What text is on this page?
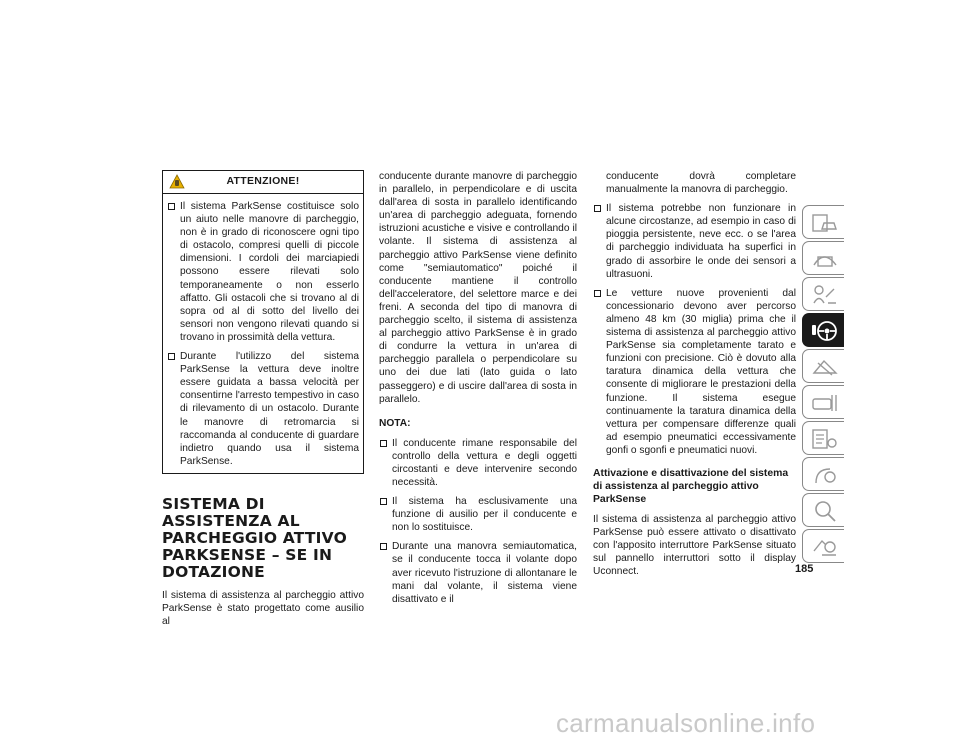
ATTENZIONE!

Il sistema ParkSense costituisce solo un aiuto nelle manovre di parcheggio, non è in grado di riconoscere ogni tipo di ostacolo, compresi quelli di piccole dimensioni. I cordoli dei marciapiedi possono essere rilevati solo temporaneamente o non esserlo affatto. Gli ostacoli che si trovano al di sopra od al di sotto del livello dei sensori non vengono rilevati quando si trovano in prossimità della vettura.

Durante l'utilizzo del sistema ParkSense la vettura deve inoltre essere guidata a bassa velocità per consentirne l'arresto tempestivo in caso di rilevamento di un ostacolo. Durante le manovre di retromarcia si raccomanda al conducente di guardare indietro quando usa il sistema ParkSense.

SISTEMA DI ASSISTENZA AL PARCHEGGIO ATTIVO PARKSENSE – SE IN DOTAZIONE

Il sistema di assistenza al parcheggio attivo ParkSense è stato progettato come ausilio al

conducente durante manovre di parcheggio in parallelo, in perpendicolare e di uscita dall'area di sosta in parallelo identificando un'area di parcheggio adeguata, fornendo istruzioni acustiche e visive e controllando il volante. Il sistema di assistenza al parcheggio attivo ParkSense viene definito come "semiautomatico" poiché il conducente mantiene il controllo dell'acceleratore, del selettore marce e dei freni. A seconda del tipo di manovra di parcheggio scelto, il sistema di assistenza al parcheggio attivo ParkSense è in grado di condurre la vettura in un'area di parcheggio parallela o perpendicolare su uno dei due lati (lato guida o lato passeggero) e di uscire dall'area di sosta in parallelo.

NOTA:

Il conducente rimane responsabile del controllo della vettura e degli oggetti circostanti e deve intervenire secondo necessità.

Il sistema ha esclusivamente una funzione di ausilio per il conducente e non lo sostituisce.

Durante una manovra semiautomatica, se il conducente tocca il volante dopo aver ricevuto l'istruzione di allontanare le mani dal volante, il sistema viene disattivato e il

conducente dovrà completare manualmente la manovra di parcheggio.

Il sistema potrebbe non funzionare in alcune circostanze, ad esempio in caso di pioggia persistente, neve ecc. o se l'area di parcheggio individuata ha superfici in grado di assorbire le onde dei sensori a ultrasuoni.

Le vetture nuove provenienti dal concessionario devono aver percorso almeno 48 km (30 miglia) prima che il sistema di assistenza al parcheggio attivo ParkSense sia completamente tarato e funzioni con precisione. Ciò è dovuto alla taratura dinamica della vettura che consente di migliorare le prestazioni della funzione. Il sistema esegue continuamente la taratura dinamica della vettura per compensare differenze quali ad esempio pneumatici eccessivamente gonfi o sgonfi e pneumatici nuovi.

Attivazione e disattivazione del sistema di assistenza al parcheggio attivo ParkSense

Il sistema di assistenza al parcheggio attivo ParkSense può essere attivato o disattivato con l'apposito interruttore ParkSense situato sul pannello interruttori sotto il display Uconnect.	185
carmanualsonline.info
